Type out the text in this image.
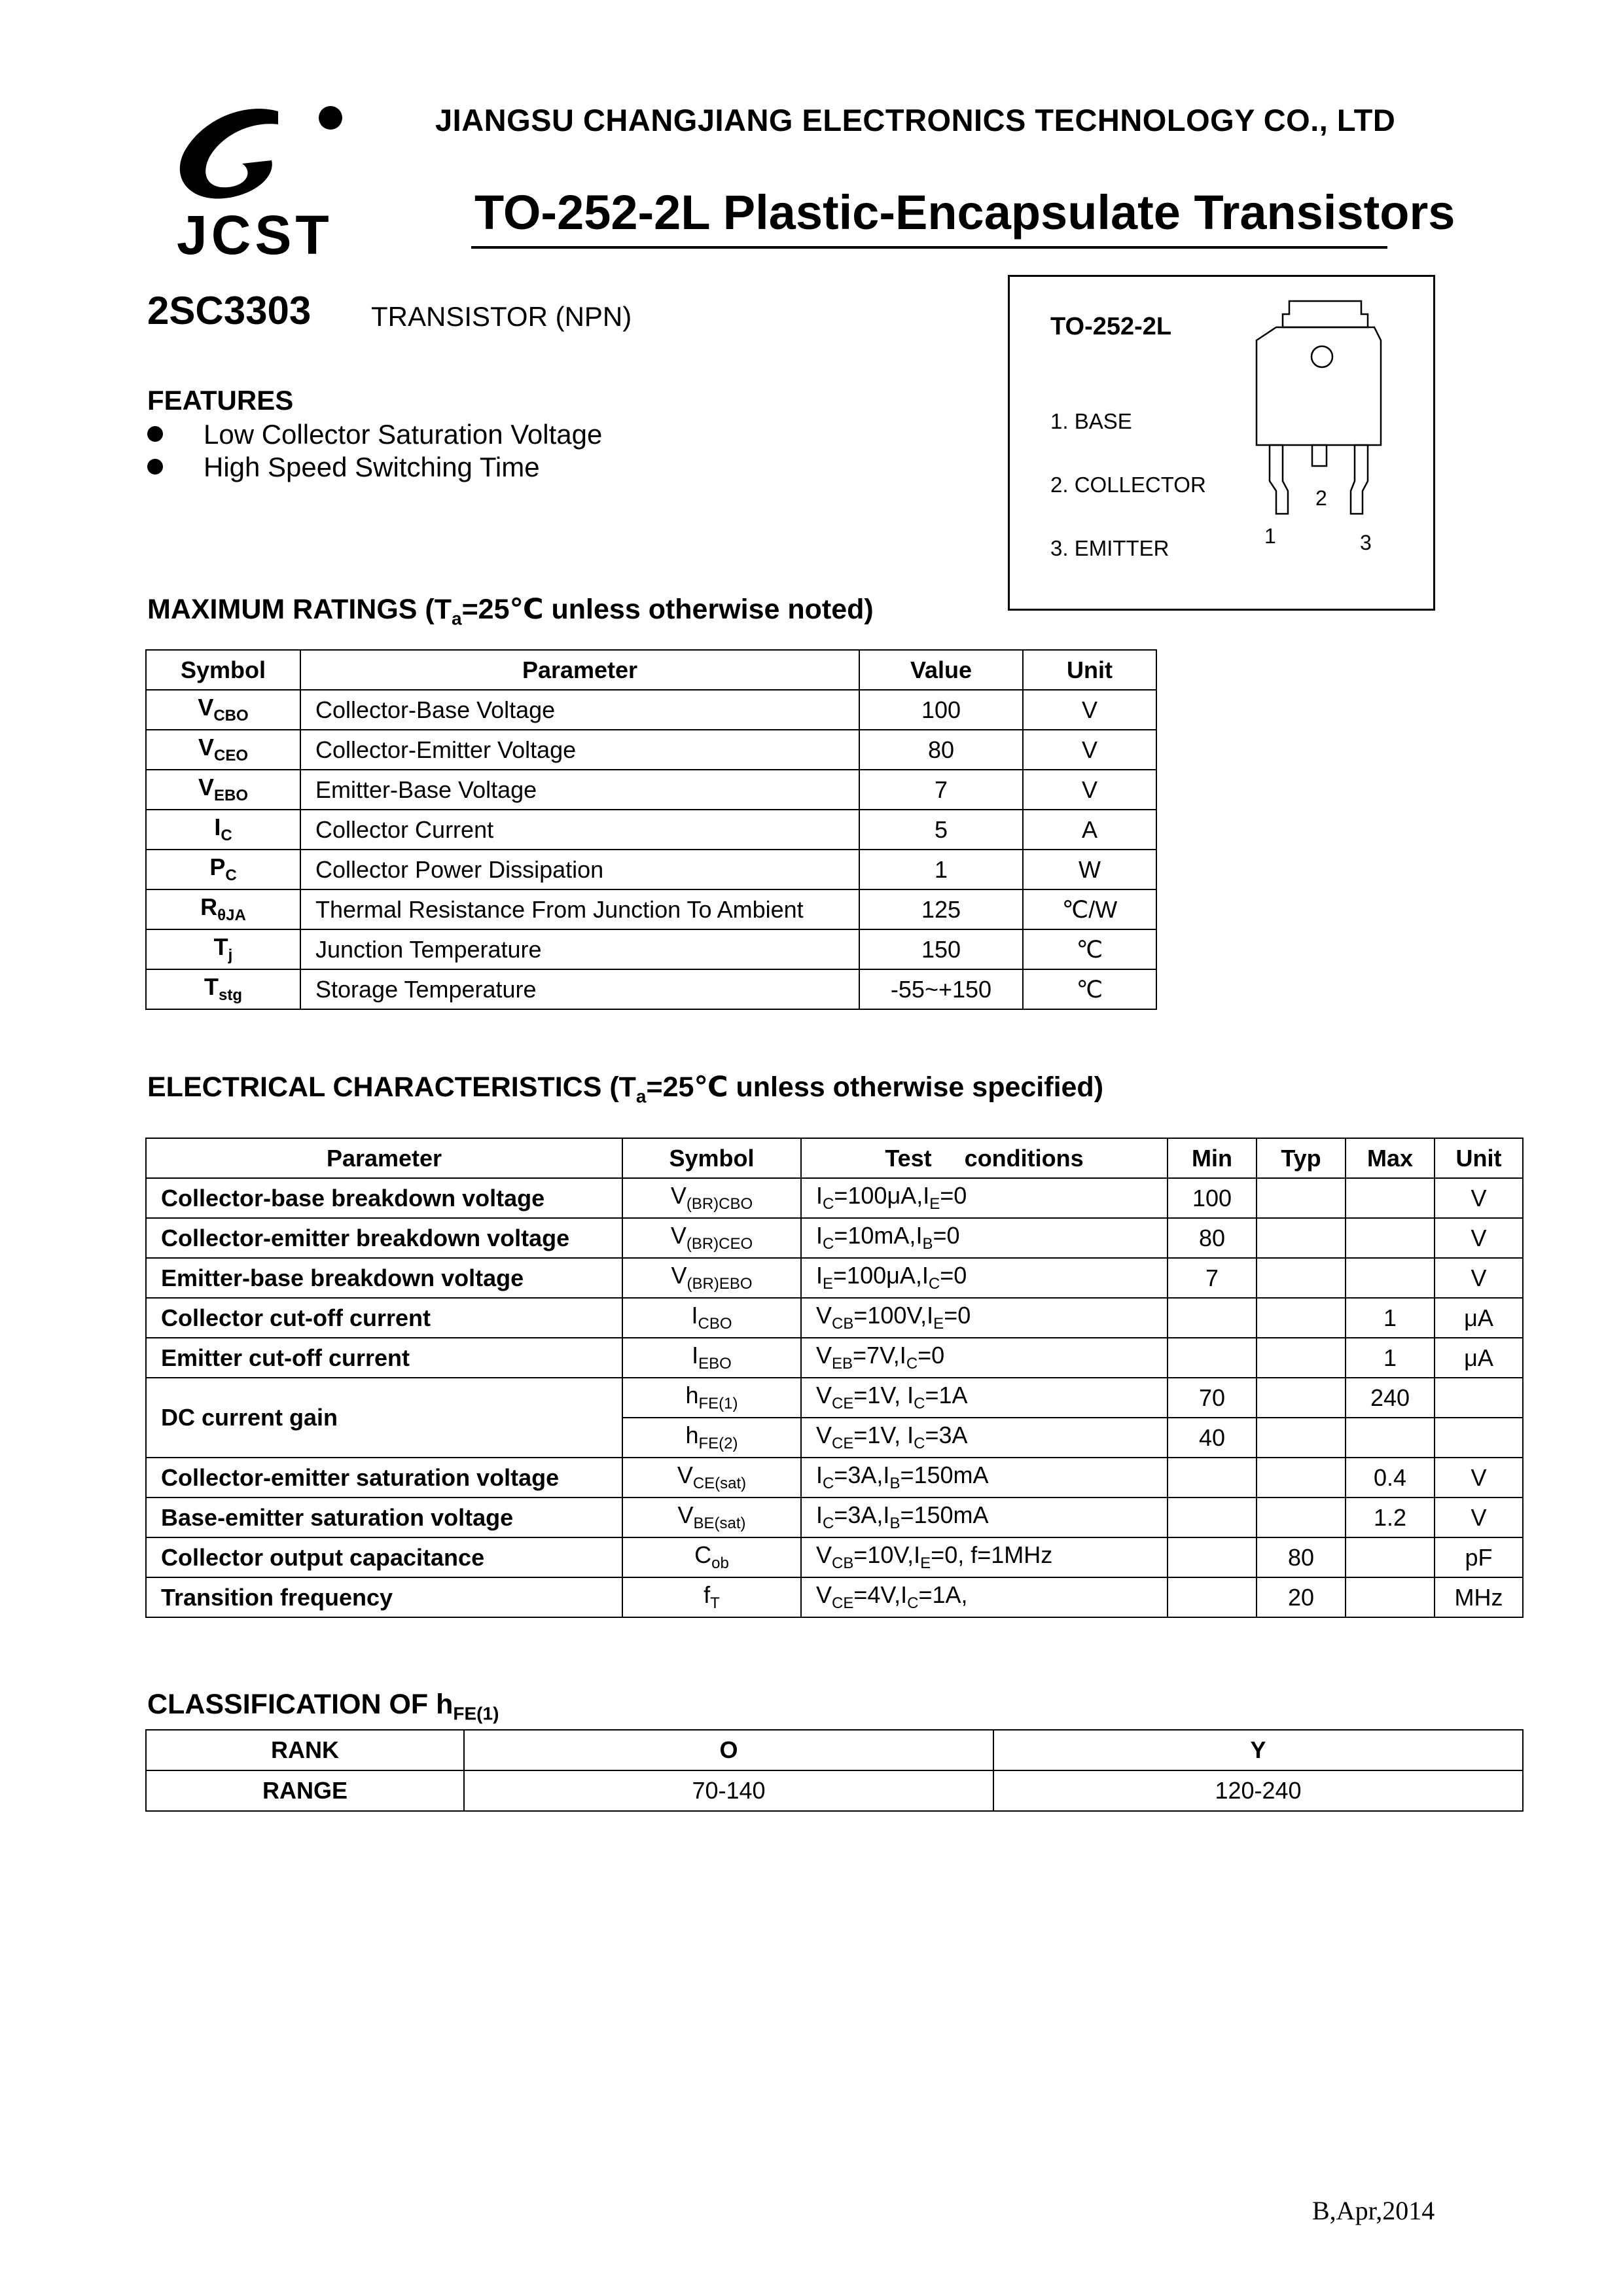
JCST
JIANGSU CHANGJIANG ELECTRONICS TECHNOLOGY CO., LTD
TO-252-2L Plastic-Encapsulate Transistors
2SC3303 TRANSISTOR (NPN)
FEATURES
Low Collector Saturation Voltage
High Speed Switching Time
TO-252-2L
1. BASE
2. COLLECTOR
3. EMITTER	1
2
3
MAXIMUM RATINGS ($T_a=25℃$ unless otherwise noted)
Symbol	Parameter	Value	Unit
$V_{CBO}$	Collector-Base Voltage	100	V
$V_{CEO}$	Collector-Emitter Voltage	80	V
$V_{EBO}$	Emitter-Base Voltage	7	V
$I_C$	Collector Current	5	A
$P_C$	Collector Power Dissipation	1	W
$R_{\theta JA}$	Thermal Resistance From Junction To Ambient	125	℃/W
$T_j$	Junction Temperature	150	℃
$T_{stg}$	Storage Temperature	-55~+150	℃
ELECTRICAL CHARACTERISTICS ($T_a=25℃$ unless otherwise specified)
Parameter	Symbol	Test     conditions	Min	Typ	Max	Unit
Collector-base breakdown voltage	$V_{(BR)CBO}$	$I_C=100\mu A,I_E=0$	100			V
Collector-emitter breakdown voltage	$V_{(BR)CEO}$	$I_C=10mA,I_B=0$	80			V
Emitter-base breakdown voltage	$V_{(BR)EBO}$	$I_E=100\mu A,I_C=0$	7			V
Collector cut-off current	$I_{CBO}$	$V_{CB}=100V,I_E=0$			1	μA
Emitter cut-off current	$I_{EBO}$	$V_{EB}=7V,I_C=0$			1	μA
DC current gain	$h_{FE(1)}$	$V_{CE}=1V$, $I_C=1A$	70		240	
	$h_{FE(2)}$	$V_{CE}=1V$, $I_C=3A$	40			
Collector-emitter saturation voltage	$V_{CE(sat)}$	$I_C=3A,I_B=150mA$			0.4	V
Base-emitter saturation voltage	$V_{BE(sat)}$	$I_C=3A,I_B=150mA$			1.2	V
Collector output capacitance	$C_{ob}$	$V_{CB}=10V,I_E=0$, f=1MHz		80		pF
Transition frequency	$f_T$	$V_{CE}=4V,I_C=1A$,		20		MHz
CLASSIFICATION OF $h_{FE(1)}$
RANK	O	Y
RANGE	70-140	120-240
B,Apr,2014
